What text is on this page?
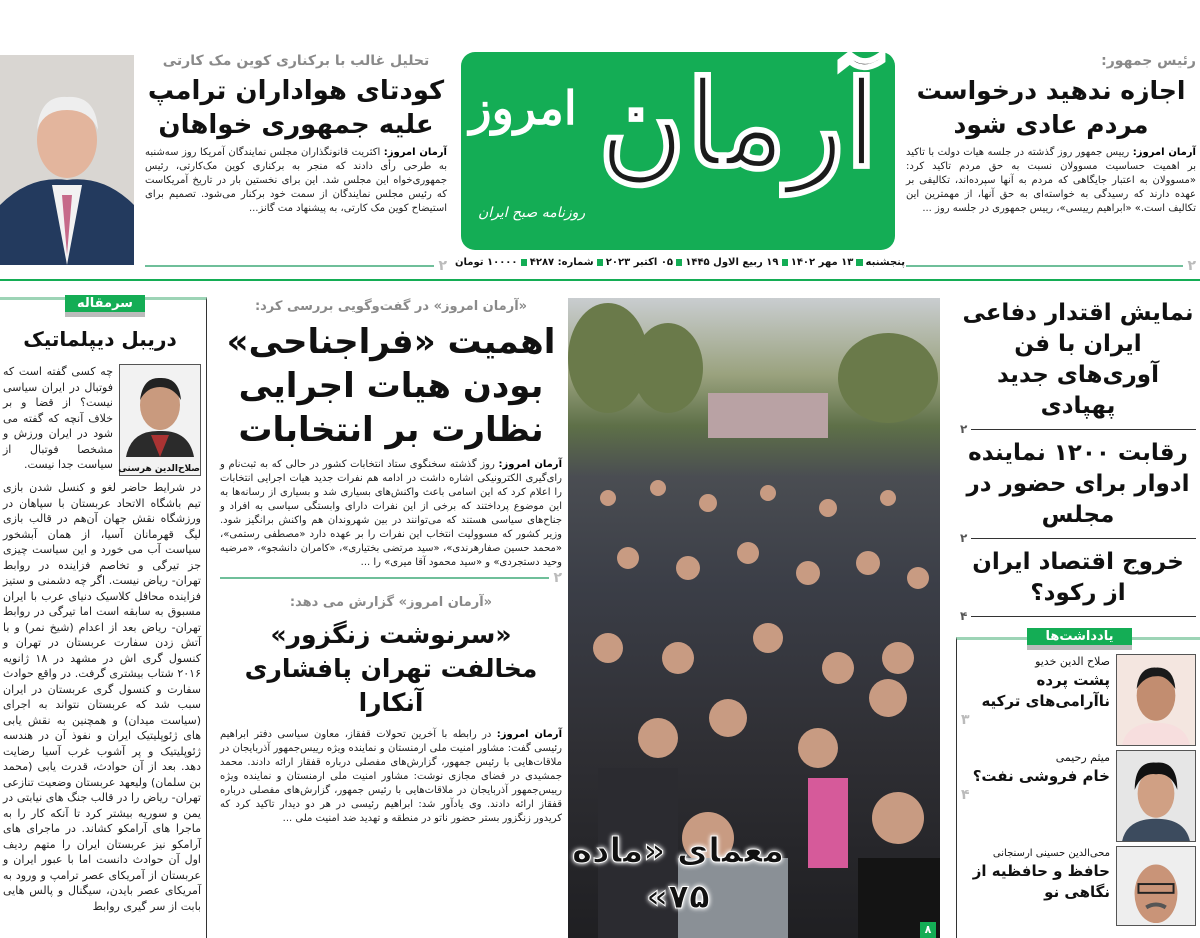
تحلیل غالب با برکناری کوین مک کارتی
کودتای هواداران ترامپ علیه جمهوری خواهان
آرمان امروز: اکثریت قانونگذاران مجلس نمایندگان آمریکا روز سه‌شنبه به طرحی رأی دادند که منجر به برکناری کوین مک‌کارتی، رئیس جمهوری‌خواه این مجلس شد. این برای نخستین بار در تاریخ آمریکاست که رئیس مجلس نمایندگان از سمت خود برکنار می‌شود. تصمیم برای استیضاح کوین مک کارتی، به پیشنهاد مت گانز...
۲
آرمان
امروز
روزنامه صبح ایران
رئیس جمهور:
اجازه ندهید درخواست مردم عادی شود
آرمان امروز: رییس جمهور روز گذشته در جلسه هیات دولت با تاکید بر اهمیت حساسیت مسوولان نسبت به حق مردم تاکید کرد: «مسوولان به اعتبار جایگاهی که مردم به آنها سپرده‌اند، تکالیفی بر عهده دارند که رسیدگی به خواسته‌ای به حق آنها، از مهمترین این تکالیف است.» «ابراهیم رییسی»، رییس جمهوری در جلسه روز ...
۲
پنجشنبه
۱۳ مهر ۱۴۰۲
۱۹ ربیع الاول ۱۴۴۵
۰۵ اکتبر ۲۰۲۳
شماره: ۴۲۸۷
۱۰۰۰۰ تومان
سرمقاله
دریبل دیپلماتیک
صلاح‌الدین هرسنی

چه کسی گفته است که فوتبال در ایران سیاسی نیست؟ از قضا و بر خلاف آنچه که گفته می شود در ایران ورزش و مشخصا فوتبال از سیاست جدا نیست.

در شرایط حاضر لغو و کنسل شدن بازی تیم باشگاه الاتحاد عربستان با سپاهان در ورزشگاه نقش جهان آن‌هم در قالب بازی لیگ قهرمانان آسیا، از همان آبشخور سیاست آب می خورد و این سیاست چیزی جز تیرگی و تخاصم فزاینده در روابط تهران- ریاض نیست. اگر چه دشمنی و ستیز فزاینده محافل کلاسیک دنیای عرب با ایران مسبوق به سابقه است اما تیرگی در روابط تهران- ریاض بعد از اعدام (شیخ نمر) و با آتش زدن سفارت عربستان در تهران و کنسول گری اش در مشهد در ۱۸ ژانویه ۲۰۱۶ شتاب بیشتری گرفت. در واقع حوادث سفارت و کنسول گری عربستان در ایران سبب شد که عربستان نتواند به اجرای (سیاست میدان) و همچنین به نقش یابی های ژئوپلیتیک ایران و نفوذ آن در هندسه ژئوپلیتیک و پر آشوب غرب آسیا رضایت دهد. بعد از آن حوادث، قدرت یابی (محمد بن سلمان) ولیعهد عربستان وضعیت تنازعی تهران- ریاض را در قالب جنگ های نیابتی در یمن و سوریه بیشتر کرد تا آنکه کار را به ماجرا های آرامکو کشاند. در ماجرای های آرامکو نیز عربستان ایران را متهم ردیف اول آن حوادث دانست اما با عبور ایران و عربستان از آمریکای عصر ترامپ و ورود به آمریکای عصر بایدن، سیگنال و پالس هایی بابت از سر گیری روابط

«آرمان امروز» در گفت‌وگویی بررسی کرد:
اهمیت «فراجناحی» بودن هیات اجرایی نظارت بر انتخابات
آرمان امروز: روز گذشته سخنگوی ستاد انتخابات کشور در حالی که به ثبت‌نام و رای‌گیری الکترونیکی اشاره داشت در ادامه هم نفرات جدید هیات اجرایی انتخابات را اعلام کرد که این اسامی باعث واکنش‌های بسیاری شد و بسیاری از رسانه‌ها به این موضوع پرداختند که برخی از این نفرات دارای وابستگی سیاسی به افراد و جناح‌های سیاسی هستند که می‌توانند در بین شهروندان هم واکنش برانگیز شود. وزیر کشور که مسوولیت انتخاب این نفرات را بر عهده دارد «مصطفی رستمی»، «محمد حسین صفارهرندی»، «سید مرتضی بختیاری»، «کامران دانشجو»، «مرضیه وحید دستجردی» و «سید محمود آقا میری» را ...
۲
«آرمان امروز» گزارش می دهد:
«سرنوشت زنگزور» مخالفت تهران پافشاری آنکارا
آرمان امروز: در رابطه با آخرین تحولات قفقاز، معاون سیاسی دفتر ابراهیم رئیسی گفت: مشاور امنیت ملی ارمنستان و نماینده ویژه رییس‌جمهور آذربایجان در ملاقات‌هایی با رئیس جمهور، گزارش‌های مفصلی درباره قفقاز ارائه دادند. محمد جمشیدی در فضای مجازی نوشت: مشاور امنیت ملی ارمنستان و نماینده ویژه رییس‌جمهور آذربایجان در ملاقات‌هایی با رئیس جمهور، گزارش‌های مفصلی درباره قفقاز ارائه دادند. وی یادآور شد: ابراهیم رئیسی در هر دو دیدار تاکید کرد که کریدور زنگزور بستر حضور ناتو در منطقه و تهدید ضد امنیت ملی ...
معمای «ماده ۷۵»
۸
نمایش اقتدار دفاعی ایران با فن آوری‌های جدید پهپادی
۲
رقابت ۱۲۰۰ نماینده ادوار برای حضور در مجلس
۲
خروج اقتصاد ایران از رکود؟
۴
یادداشت‌ها
صلاح الدین خدیو
پشت پرده ناآرامی‌های ترکیه
۳
میثم رحیمی
خام فروشی نفت؟
۴
محی‌الدین حسینی ارسنجانی
حافظ و حافظیه از نگاهی نو
